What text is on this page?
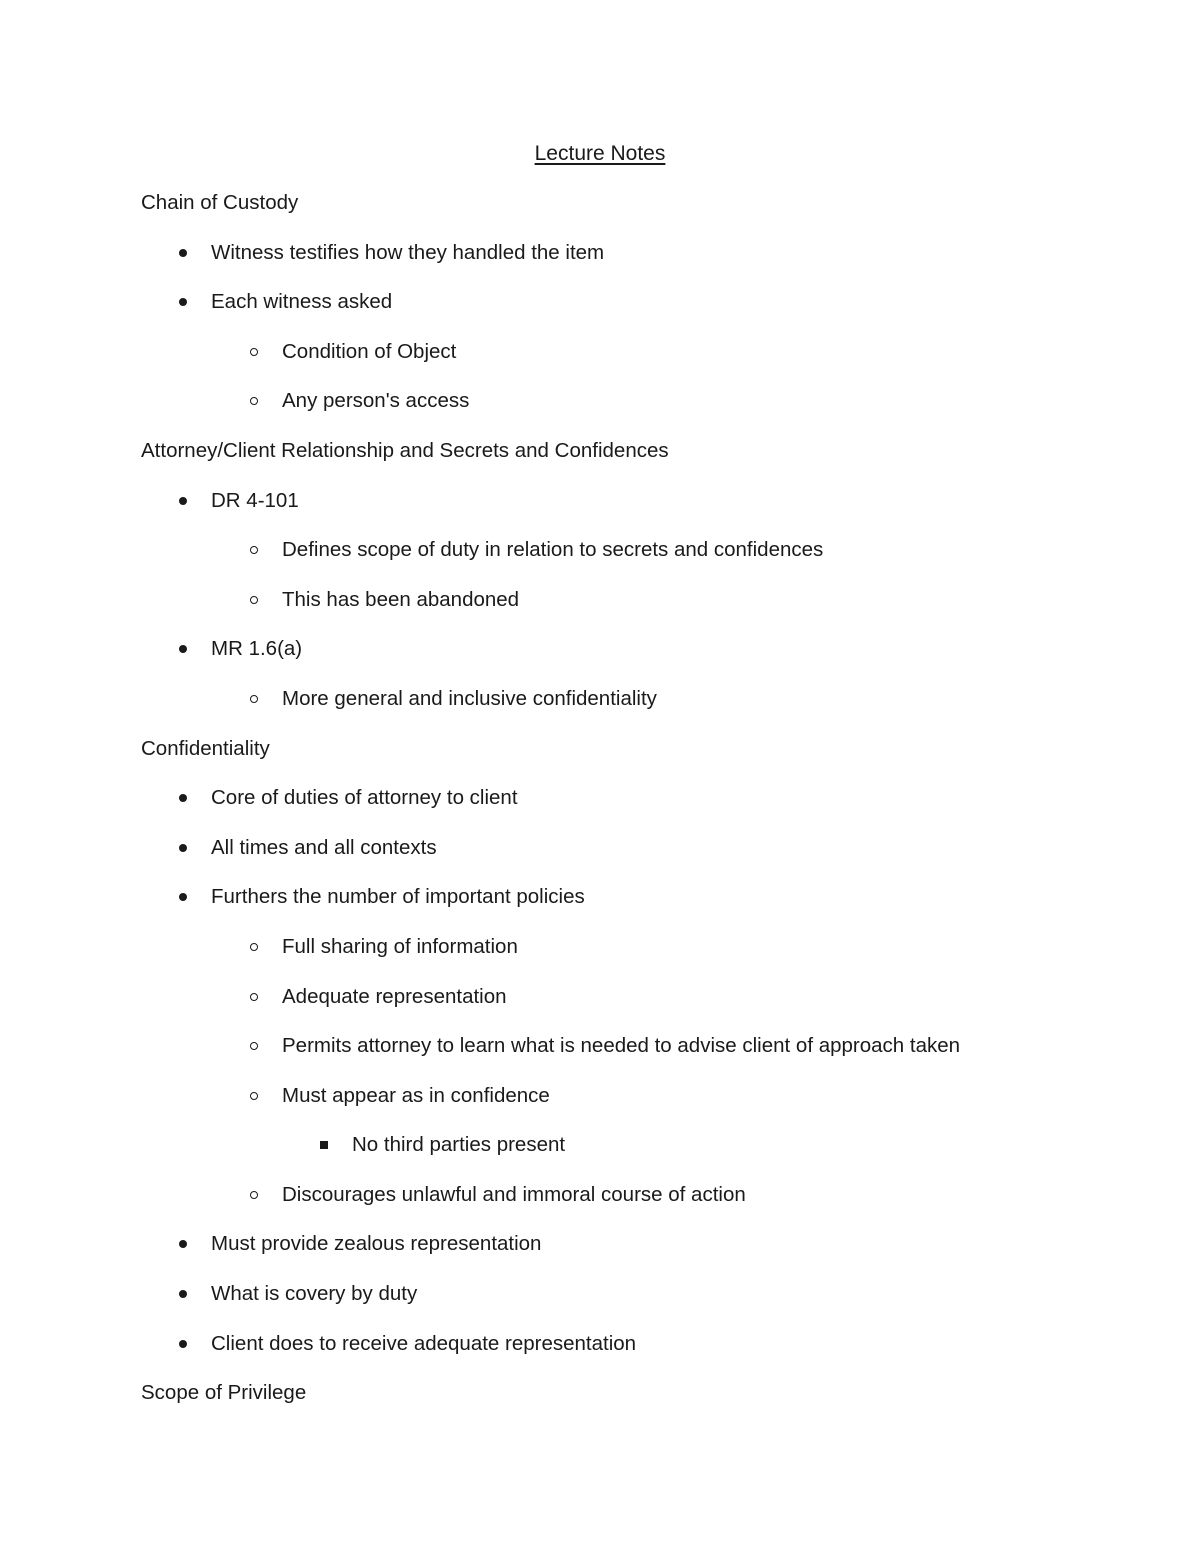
Lecture Notes
Chain of Custody
Witness testifies how they handled the item
Each witness asked
Condition of Object
Any person's access
Attorney/Client Relationship and Secrets and Confidences
DR 4-101
Defines scope of duty in relation to secrets and confidences
This has been abandoned
MR 1.6(a)
More general and inclusive confidentiality
Confidentiality
Core of duties of attorney to client
All times and all contexts
Furthers the number of important policies
Full sharing of information
Adequate representation
Permits attorney to learn what is needed to advise client of approach taken
Must appear as in confidence
No third parties present
Discourages unlawful and immoral course of action
Must provide zealous representation
What is covery by duty
Client does to receive adequate representation
Scope of Privilege
